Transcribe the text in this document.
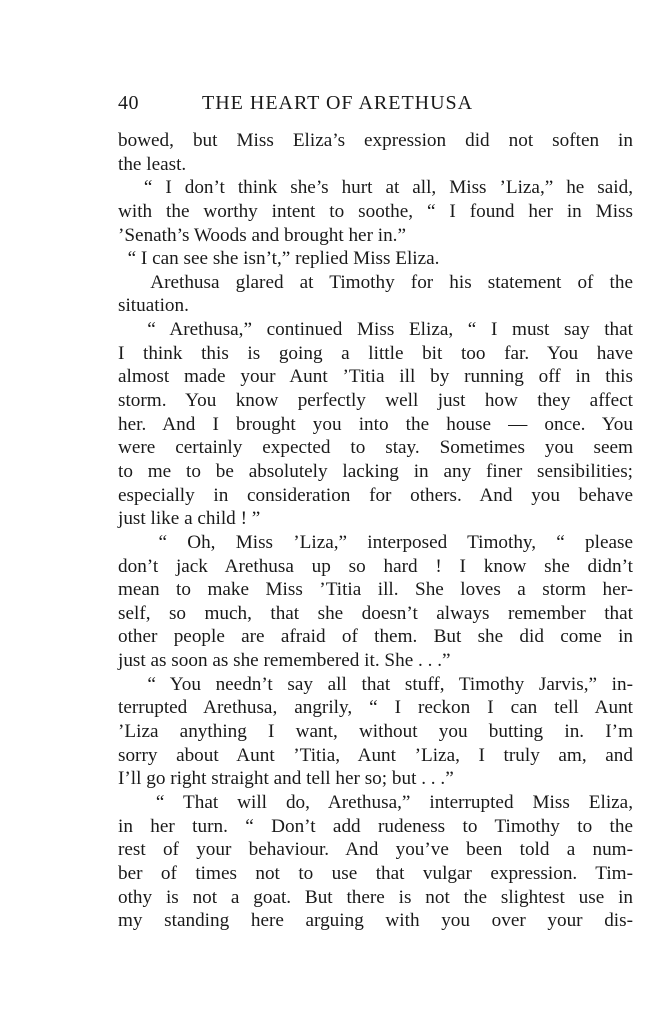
40	THE HEART OF ARETHUSA
bowed, but Miss Eliza’s expression did not soften in
the least.
“ I don’t think she’s hurt at all, Miss ’Liza,” he said,
with the worthy intent to soothe, “ I found her in Miss
’Senath’s Woods and brought her in.”
“ I can see she isn’t,” replied Miss Eliza.
Arethusa glared at Timothy for his statement of the
situation.
“ Arethusa,” continued Miss Eliza, “ I must say that
I think this is going a little bit too far. You have
almost made your Aunt ’Titia ill by running off in this
storm. You know perfectly well just how they affect
her. And I brought you into the house — once. You
were certainly expected to stay. Sometimes you seem
to me to be absolutely lacking in any finer sensibilities;
especially in consideration for others. And you behave
just like a child ! ”
“ Oh, Miss ’Liza,” interposed Timothy, “ please
don’t jack Arethusa up so hard ! I know she didn’t
mean to make Miss ’Titia ill. She loves a storm her-
self, so much, that she doesn’t always remember that
other people are afraid of them. But she did come in
just as soon as she remembered it. She . . .”
“ You needn’t say all that stuff, Timothy Jarvis,” in-
terrupted Arethusa, angrily, “ I reckon I can tell Aunt
’Liza anything I want, without you butting in. I’m
sorry about Aunt ’Titia, Aunt ’Liza, I truly am, and
I’ll go right straight and tell her so; but . . .”
“ That will do, Arethusa,” interrupted Miss Eliza,
in her turn. “ Don’t add rudeness to Timothy to the
rest of your behaviour. And you’ve been told a num-
ber of times not to use that vulgar expression. Tim-
othy is not a goat. But there is not the slightest use in
my standing here arguing with you over your dis-
